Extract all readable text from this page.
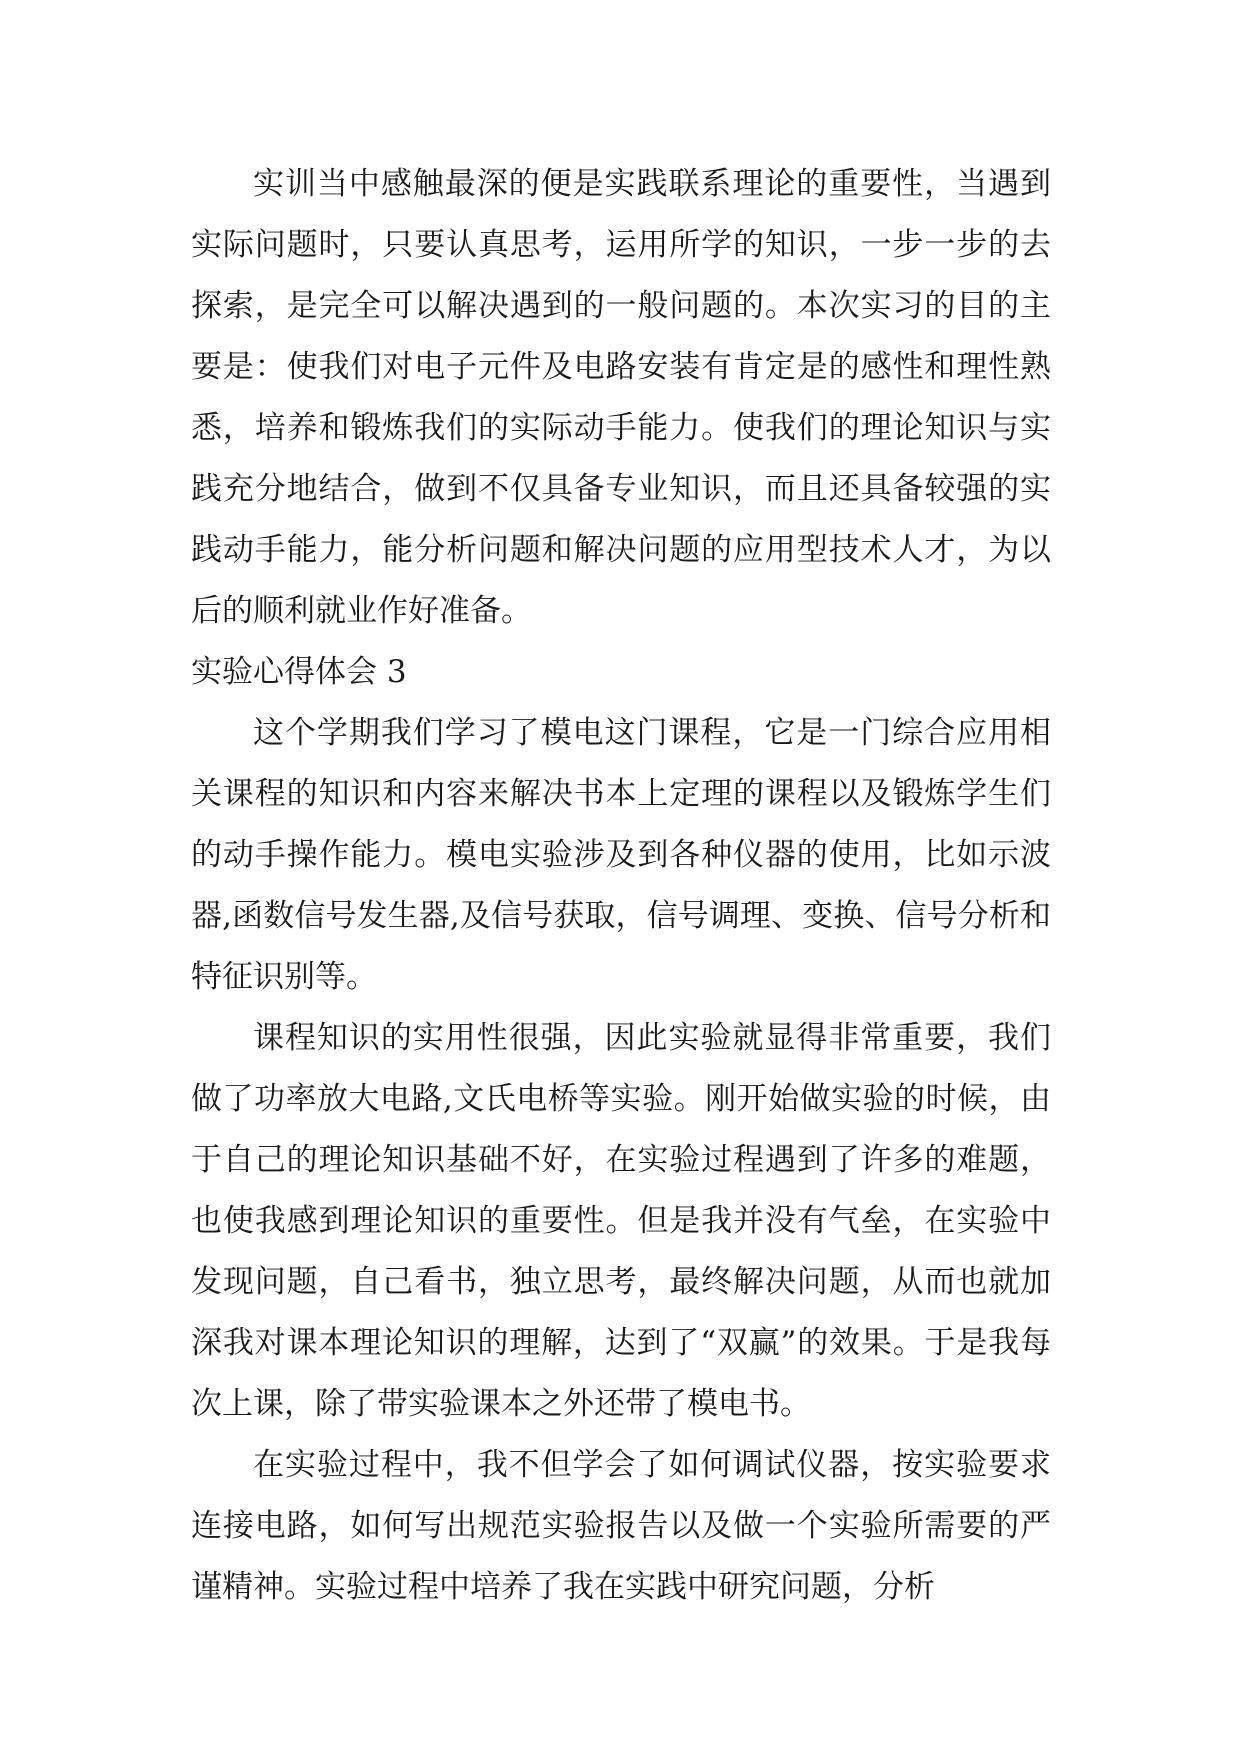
实训当中感触最深的便是实践联系理论的重要性，当遇到实际问题时，只要认真思考，运用所学的知识，一步一步的去探索，是完全可以解决遇到的一般问题的。本次实习的目的主要是：使我们对电子元件及电路安装有肯定是的感性和理性熟悉，培养和锻炼我们的实际动手能力。使我们的理论知识与实践充分地结合，做到不仅具备专业知识，而且还具备较强的实践动手能力，能分析问题和解决问题的应用型技术人才，为以后的顺利就业作好准备。

实验心得体会 3

这个学期我们学习了模电这门课程，它是一门综合应用相关课程的知识和内容来解决书本上定理的课程以及锻炼学生们的动手操作能力。模电实验涉及到各种仪器的使用，比如示波器,函数信号发生器,及信号获取，信号调理、变换、信号分析和特征识别等。

课程知识的实用性很强，因此实验就显得非常重要，我们做了功率放大电路,文氏电桥等实验。刚开始做实验的时候，由于自己的理论知识基础不好，在实验过程遇到了许多的难题，也使我感到理论知识的重要性。但是我并没有气垒，在实验中发现问题，自己看书，独立思考，最终解决问题，从而也就加深我对课本理论知识的理解，达到了“双赢”的效果。于是我每次上课，除了带实验课本之外还带了模电书。

在实验过程中，我不但学会了如何调试仪器，按实验要求连接电路，如何写出规范实验报告以及做一个实验所需要的严谨精神。实验过程中培养了我在实践中研究问题，分析
